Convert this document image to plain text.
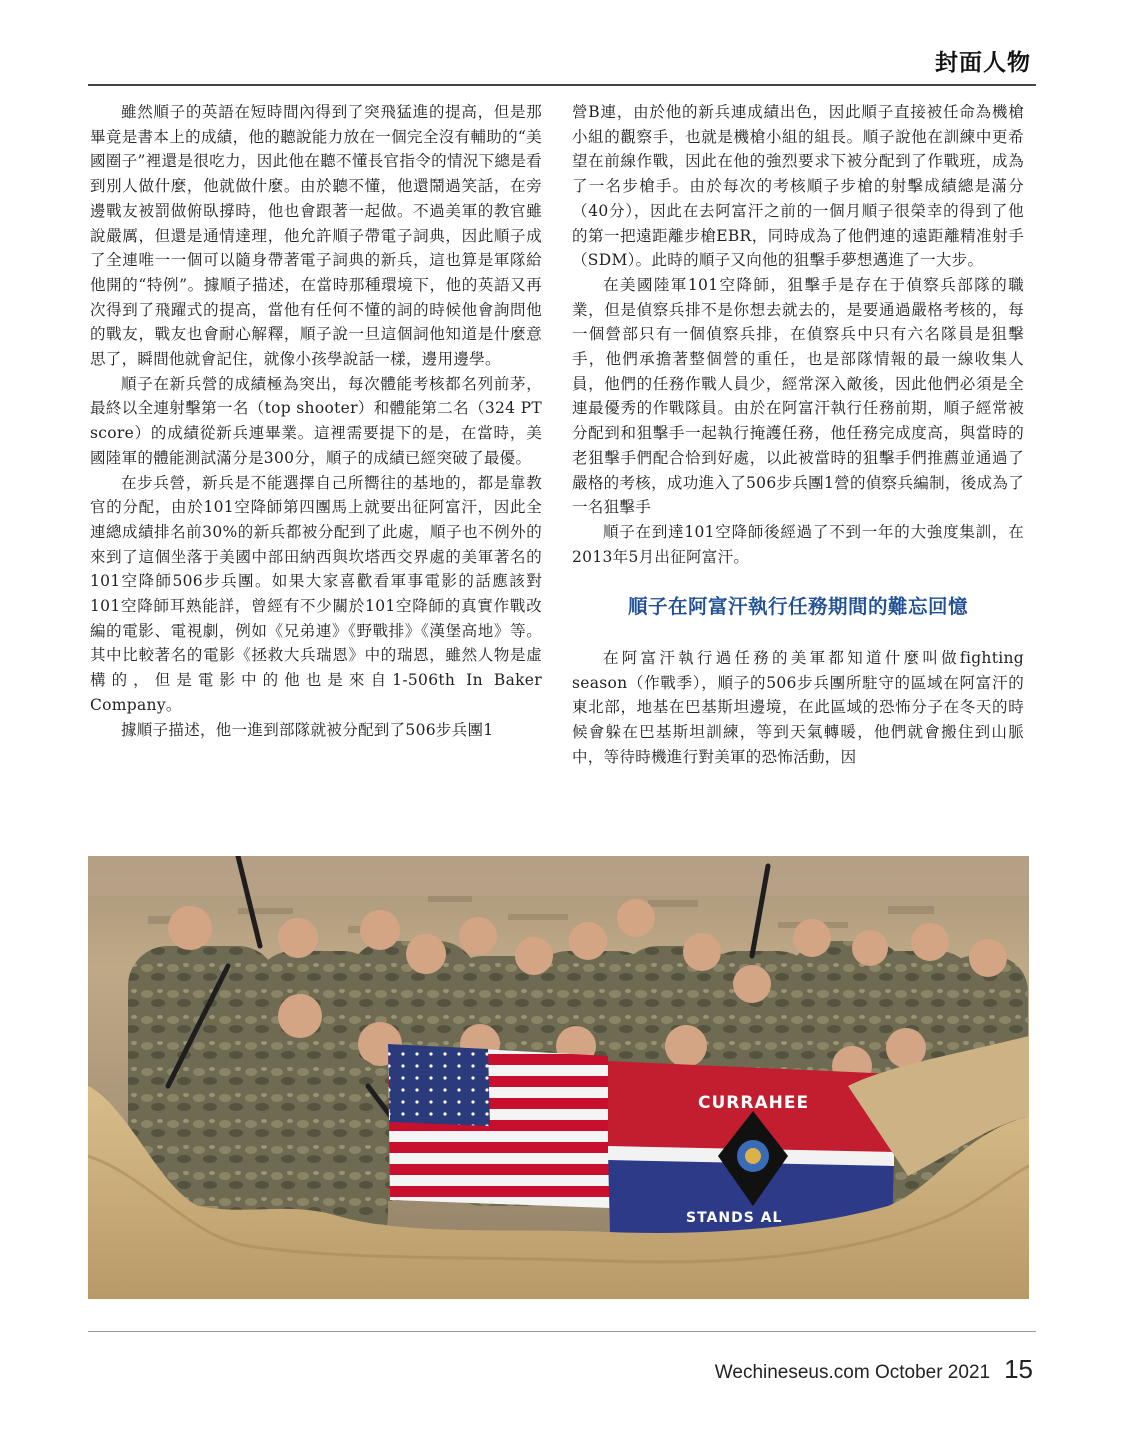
封面人物

雖然順子的英語在短時間內得到了突飛猛進的提高，但是那畢竟是書本上的成績，他的聽說能力放在一個完全沒有輔助的“美國圈子”裡還是很吃力，因此他在聽不懂長官指令的情況下總是看到別人做什麼，他就做什麼。由於聽不懂，他還鬧過笑話，在旁邊戰友被罰做俯臥撐時，他也會跟著一起做。不過美軍的教官雖說嚴厲，但還是通情達理，他允許順子帶電子詞典，因此順子成了全連唯一一個可以隨身帶著電子詞典的新兵，這也算是軍隊給他開的“特例”。據順子描述，在當時那種環境下，他的英語又再次得到了飛躍式的提高，當他有任何不懂的詞的時候他會詢問他的戰友，戰友也會耐心解釋，順子說一旦這個詞他知道是什麼意思了，瞬間他就會記住，就像小孩學說話一樣，邊用邊學。

順子在新兵營的成績極為突出，每次體能考核都名列前茅，最終以全連射擊第一名（top shooter）和體能第二名（324 PT score）的成績從新兵連畢業。這裡需要提下的是，在當時，美國陸軍的體能測試滿分是300分，順子的成績已經突破了最優。

在步兵營，新兵是不能選擇自己所嚮往的基地的，都是靠教官的分配，由於101空降師第四團馬上就要出征阿富汗，因此全連總成績排名前30%的新兵都被分配到了此處，順子也不例外的來到了這個坐落于美國中部田納西與坎塔西交界處的美軍著名的101空降師506步兵團。如果大家喜歡看軍事電影的話應該對101空降師耳熟能詳，曾經有不少關於101空降師的真實作戰改編的電影、電視劇，例如《兄弟連》《野戰排》《漢堡高地》等。其中比較著名的電影《拯救大兵瑞恩》中的瑞恩，雖然人物是虛構的，但是電影中的他也是來自1-506th In Baker Company。

據順子描述，他一進到部隊就被分配到了506步兵團1

營B連，由於他的新兵連成績出色，因此順子直接被任命為機槍小組的觀察手，也就是機槍小組的組長。順子說他在訓練中更希望在前線作戰，因此在他的強烈要求下被分配到了作戰班，成為了一名步槍手。由於每次的考核順子步槍的射擊成績總是滿分（40分），因此在去阿富汗之前的一個月順子很榮幸的得到了他的第一把遠距離步槍EBR，同時成為了他們連的遠距離精准射手（SDM）。此時的順子又向他的狙擊手夢想邁進了一大步。

在美國陸軍101空降師，狙擊手是存在于偵察兵部隊的職業，但是偵察兵排不是你想去就去的，是要通過嚴格考核的，每一個營部只有一個偵察兵排，在偵察兵中只有六名隊員是狙擊手，他們承擔著整個營的重任，也是部隊情報的最一線收集人員，他們的任務作戰人員少，經常深入敵後，因此他們必須是全連最優秀的作戰隊員。由於在阿富汗執行任務前期，順子經常被分配到和狙擊手一起執行掩護任務，他任務完成度高，與當時的老狙擊手們配合恰到好處，以此被當時的狙擊手們推薦並通過了嚴格的考核，成功進入了506步兵團1營的偵察兵編制，後成為了一名狙擊手

順子在到達101空降師後經過了不到一年的大強度集訓，在2013年5月出征阿富汗。

順子在阿富汗執行任務期間的難忘回憶

在阿富汗執行過任務的美軍都知道什麼叫做fighting season（作戰季），順子的506步兵團所駐守的區域在阿富汗的東北部，地基在巴基斯坦邊境，在此區域的恐怖分子在冬天的時候會躲在巴基斯坦訓練，等到天氣轉暖，他們就會搬住到山脈中，等待時機進行對美軍的恐怖活動，因

CURRAHEE
STANDS AL
Wechineseus.com October 2021 15
